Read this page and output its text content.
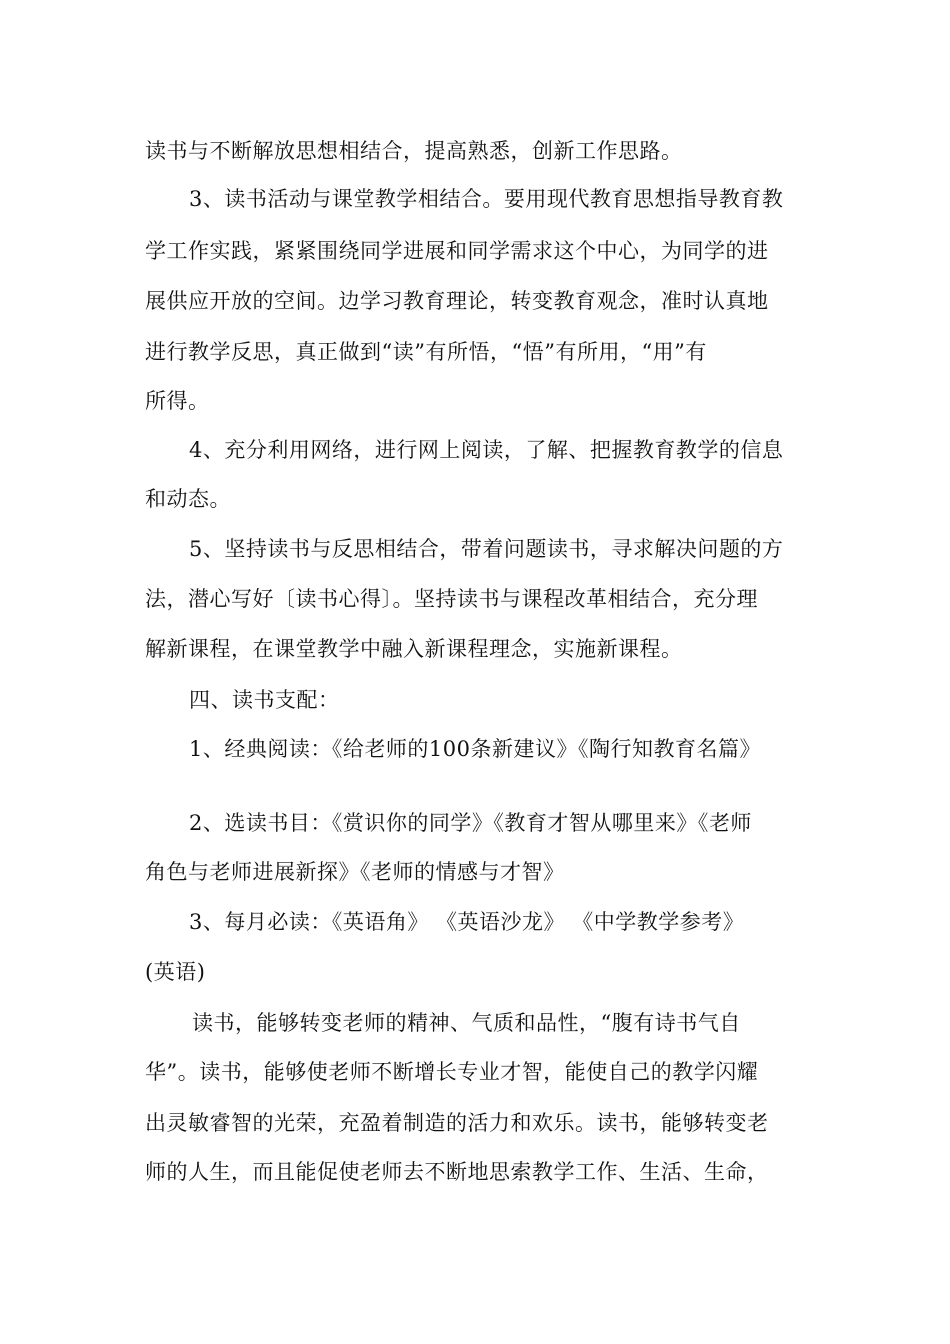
读书与不断解放思想相结合，提高熟悉，创新工作思路。
3、读书活动与课堂教学相结合。要用现代教育思想指导教育教
学工作实践，紧紧围绕同学进展和同学需求这个中心，为同学的进
展供应开放的空间。边学习教育理论，转变教育观念，准时认真地
进行教学反思，真正做到“读”有所悟，“悟”有所用，“用”有
所得。
4、充分利用网络，进行网上阅读，了解、把握教育教学的信息
和动态。
5、坚持读书与反思相结合，带着问题读书，寻求解决问题的方
法，潜心写好〔读书心得〕。坚持读书与课程改革相结合，充分理
解新课程，在课堂教学中融入新课程理念，实施新课程。
四、读书支配：
1、经典阅读：《给老师的100条新建议》《陶行知教育名篇》
2、选读书目：《赏识你的同学》《教育才智从哪里来》《老师
角色与老师进展新探》《老师的情感与才智》
3、每月必读：《英语角》 《英语沙龙》 《中学教学参考》
(英语)
读书，能够转变老师的精神、气质和品性，“腹有诗书气自
华”。读书，能够使老师不断增长专业才智，能使自己的教学闪耀
出灵敏睿智的光荣，充盈着制造的活力和欢乐。读书，能够转变老
师的人生，而且能促使老师去不断地思索教学工作、生活、生命，
